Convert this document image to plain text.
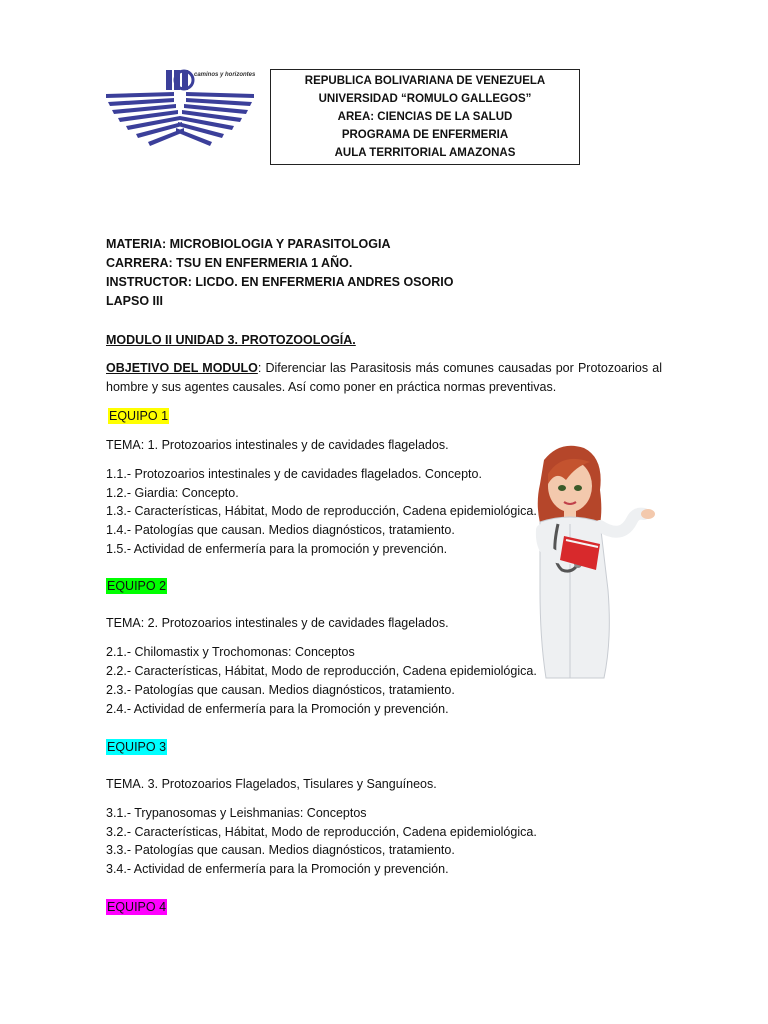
caminos y horizontes	REPUBLICA BOLIVARIANA DE VENEZUELA
UNIVERSIDAD “ROMULO GALLEGOS”
AREA: CIENCIAS DE LA SALUD
PROGRAMA DE ENFERMERIA
AULA TERRITORIAL AMAZONAS
MATERIA: MICROBIOLOGIA Y PARASITOLOGIA
CARRERA: TSU EN ENFERMERIA 1 AÑO.
INSTRUCTOR: LICDO. EN ENFERMERIA ANDRES OSORIO
LAPSO III
MODULO II UNIDAD 3. PROTOZOOLOGÍA.
OBJETIVO DEL MODULO: Diferenciar las Parasitosis más comunes causadas por Protozoarios al hombre y sus agentes causales. Así como poner en práctica normas preventivas.
EQUIPO 1
TEMA: 1. Protozoarios intestinales y de cavidades flagelados.
1.1.- Protozoarios intestinales y de cavidades flagelados. Concepto.
1.2.- Giardia: Concepto.
1.3.- Características, Hábitat, Modo de reproducción, Cadena epidemiológica.
1.4.- Patologías que causan. Medios diagnósticos, tratamiento.
1.5.- Actividad de enfermería para la promoción y prevención.
EQUIPO 2
TEMA: 2. Protozoarios intestinales y de cavidades flagelados.
2.1.- Chilomastix y Trochomonas: Conceptos
2.2.- Características, Hábitat, Modo de reproducción, Cadena epidemiológica.
2.3.- Patologías que causan. Medios diagnósticos, tratamiento.
2.4.- Actividad de enfermería para la Promoción y prevención.
EQUIPO 3
TEMA. 3. Protozoarios Flagelados, Tisulares y Sanguíneos.
3.1.- Trypanosomas y Leishmanias: Conceptos
3.2.- Características, Hábitat, Modo de reproducción, Cadena epidemiológica.
3.3.- Patologías que causan. Medios diagnósticos, tratamiento.
3.4.- Actividad de enfermería para la Promoción y prevención.
EQUIPO 4
